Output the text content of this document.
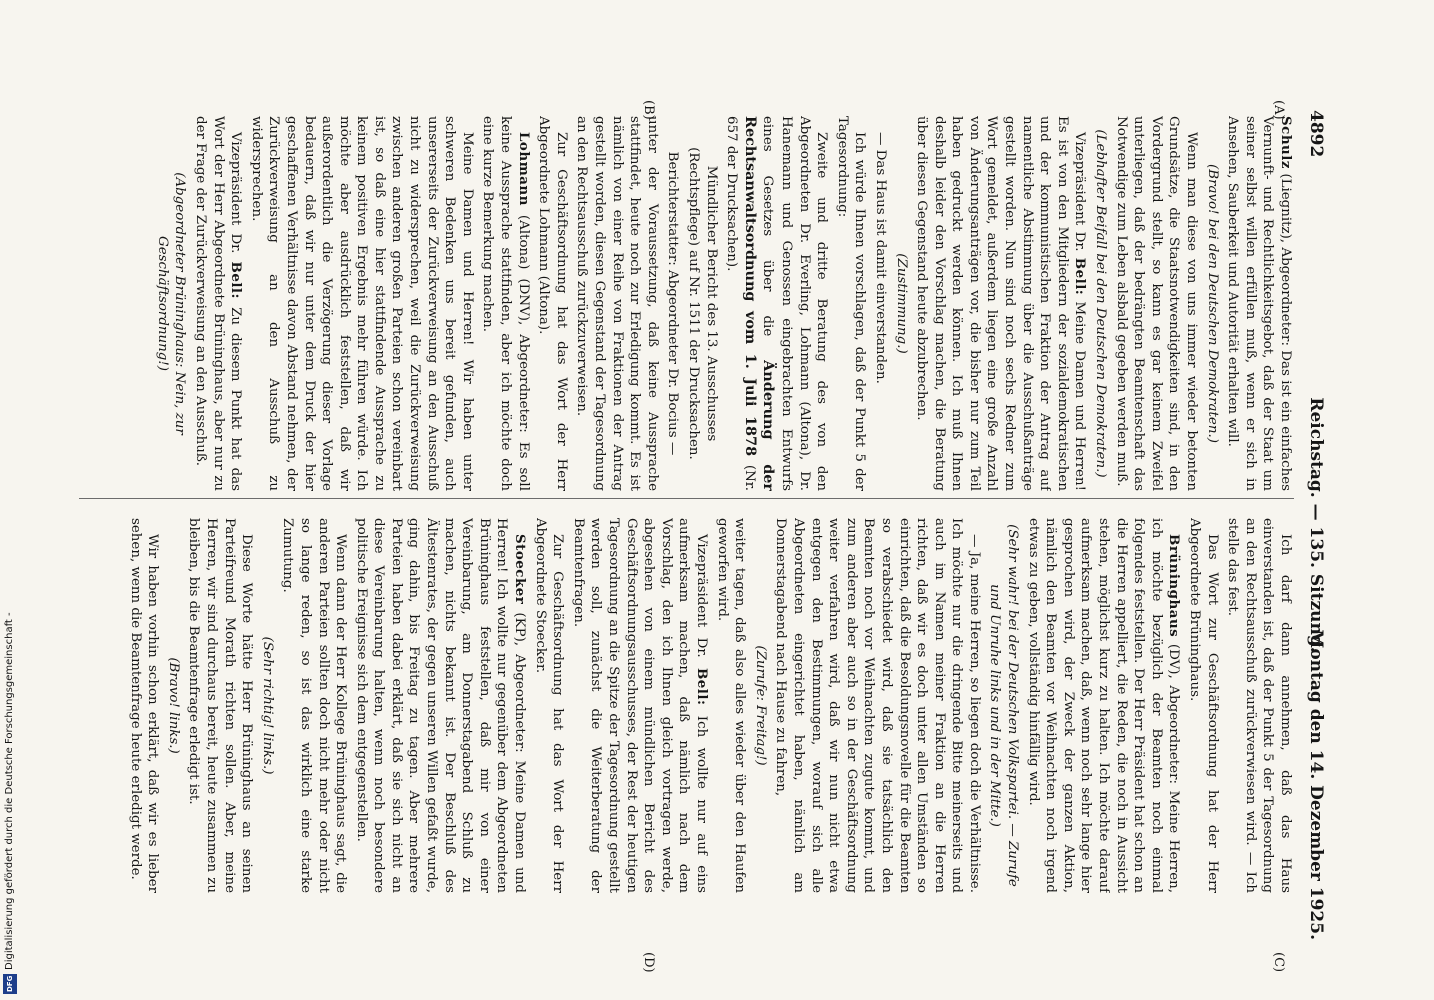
4892
Reichstag. — 135. Sitzung.
Montag den 14. Dezember 1925.
(A)
(B)
(C)
(D)

Schulz (Liegnitz), Abgeordneter: Das ist ein einfaches Vernunft- und Rechtlichkeitsgebot, daß der Staat um seiner selbst willen erfüllen muß, wenn er sich in Ansehen, Sauberkeit und Autorität erhalten will.

(Bravo! bei den Deutschen Demokraten.)

Wenn man diese von uns immer wieder betonten Grundsätze, die Staatsnotwendigkeiten sind, in den Vordergrund stellt, so kann es gar keinem Zweifel unterliegen, daß der bedrängten Beamtenschaft das Notwendige zum Leben alsbald gegeben werden muß.

(Lebhafter Beifall bei den Deutschen Demokraten.)

Vizepräsident Dr. Bell: Meine Damen und Herren! Es ist von den Mitgliedern der sozialdemokratischen und der kommunistischen Fraktion der Antrag auf namentliche Abstimmung über die Ausschußanträge gestellt worden. Nun sind noch sechs Redner zum Wort gemeldet, außerdem liegen eine große Anzahl von Änderungsanträgen vor, die bisher nur zum Teil haben gedruckt werden können. Ich muß Ihnen deshalb leider den Vorschlag machen, die Beratung über diesen Gegenstand heute abzubrechen.

(Zustimmung.)

— Das Haus ist damit einverstanden.

Ich würde Ihnen vorschlagen, daß der Punkt 5 der Tagesordnung:

Zweite und dritte Beratung des von den Abgeordneten Dr. Everling, Lohmann (Altona), Dr. Hanemann und Genossen eingebrachten Entwurfs eines Gesetzes über die Änderung der Rechtsanwaltsordnung vom 1. Juli 1878 (Nr. 657 der Drucksachen).

Mündlicher Bericht des 13. Ausschusses (Rechtspflege) auf Nr. 1511 der Drucksachen.

Berichterstatter: Abgeordneter Dr. Bocius —

unter der Voraussetzung, daß keine Aussprache stattfindet, heute noch zur Erledigung kommt. Es ist nämlich von einer Reihe von Fraktionen der Antrag gestellt worden, diesen Gegenstand der Tagesordnung an den Rechtsausschuß zurückzuverweisen.

Zur Geschäftsordnung hat das Wort der Herr Abgeordnete Lohmann (Altona).

Lohmann (Altona) (DNV), Abgeordneter: Es soll keine Aussprache stattfinden, aber ich möchte doch eine kurze Bemerkung machen.

Meine Damen und Herren! Wir haben unter schweren Bedenken uns bereit gefunden, auch unsererseits der Zurückverweisung an den Ausschuß nicht zu widersprechen, weil die Zurückverweisung zwischen anderen großen Parteien schon vereinbart ist, so daß eine hier stattfindende Aussprache zu keinem positiven Ergebnis mehr führen würde. Ich möchte aber ausdrücklich feststellen, daß wir außerordentlich die Verzögerung dieser Vorlage bedauern, daß wir nur unter dem Druck der hier geschaffenen Verhältnisse davon Abstand nehmen, der Zurückverweisung an den Ausschuß zu widersprechen.

Vizepräsident Dr. Bell: Zu diesem Punkt hat das Wort der Herr Abgeordnete Brüninghaus, aber nur zu der Frage der Zurückverweisung an den Ausschuß.

(Abgeordneter Brüninghaus: Nein, zur Geschäftsordnung!)

Ich darf dann annehmen, daß das Haus einverstanden ist, daß der Punkt 5 der Tagesordnung an den Rechtsausschuß zurückverwiesen wird. — Ich stelle das fest.

Das Wort zur Geschäftsordnung hat der Herr Abgeordnete Brüninghaus.

Brüninghaus (DV), Abgeordneter: Meine Herren, ich möchte bezüglich der Beamten noch einmal folgendes feststellen. Der Herr Präsident hat schon an die Herren appelliert, die Reden, die noch in Aussicht stehen, möglichst kurz zu halten. Ich möchte darauf aufmerksam machen, daß, wenn noch sehr lange hier gesprochen wird, der Zweck der ganzen Aktion, nämlich den Beamten vor Weihnachten noch irgend etwas zu geben, vollständig hinfällig wird.

(Sehr wahr! bei der Deutschen Volkspartei. — Zurufe und Unruhe links und in der Mitte.)

— Ja, meine Herren, so liegen doch die Verhältnisse. Ich möchte nur die dringende Bitte meinerseits und auch im Namen meiner Fraktion an die Herren richten, daß wir es doch unter allen Umständen so einrichten, daß die Besoldungsnovelle für die Beamten so verabschiedet wird, daß sie tatsächlich den Beamten noch vor Weihnachten zugute kommt, und zum anderen aber auch so in der Geschäftsordnung weiter verfahren wird, daß wir nun nicht etwa entgegen den Bestimmungen, worauf sich alle Abgeordneten eingerichtet haben, nämlich am Donnerstagabend nach Hause zu fahren,

(Zurufe: Freitag!)

weiter tagen, daß also alles wieder über den Haufen geworfen wird.

Vizepräsident Dr. Bell: Ich wollte nur auf eins aufmerksam machen, daß nämlich nach dem Vorschlag, den ich Ihnen gleich vortragen werde, abgesehen von einem mündlichen Bericht des Geschäftsordnungsausschusses, der Rest der heutigen Tagesordnung an die Spitze der Tagesordnung gestellt werden soll, zunächst die Weiterberatung der Beamtenfragen.

Zur Geschäftsordnung hat das Wort der Herr Abgeordnete Stoecker.

Stoecker (KP), Abgeordneter: Meine Damen und Herren! Ich wollte nur gegenüber dem Abgeordneten Brüninghaus feststellen, daß mir von einer Vereinbarung, am Donnerstagabend Schluß zu machen, nichts bekannt ist. Der Beschluß des Ältestenrates, der gegen unseren Willen gefaßt wurde, ging dahin, bis Freitag zu tagen. Aber mehrere Parteien haben dabei erklärt, daß sie sich nicht an diese Vereinbarung halten, wenn noch besondere politische Ereignisse sich dem entgegenstellen.

Wenn dann der Herr Kollege Brüninghaus sagt, die anderen Parteien sollten doch nicht mehr oder nicht so lange reden, so ist das wirklich eine starke Zumutung.

(Sehr richtig! links.)

Diese Worte hätte Herr Brüninghaus an seinen Parteifreund Morath richten sollen. Aber, meine Herren, wir sind durchaus bereit, heute zusammen zu bleiben, bis die Beamtenfrage erledigt ist.

(Bravo! links.)

Wir haben vorhin schon erklärt, daß wir es lieber sehen, wenn die Beamtenfrage heute erledigt werde.

Digitalisierung gefördert durch die Deutsche Forschungsgemeinschaft -
DFG
